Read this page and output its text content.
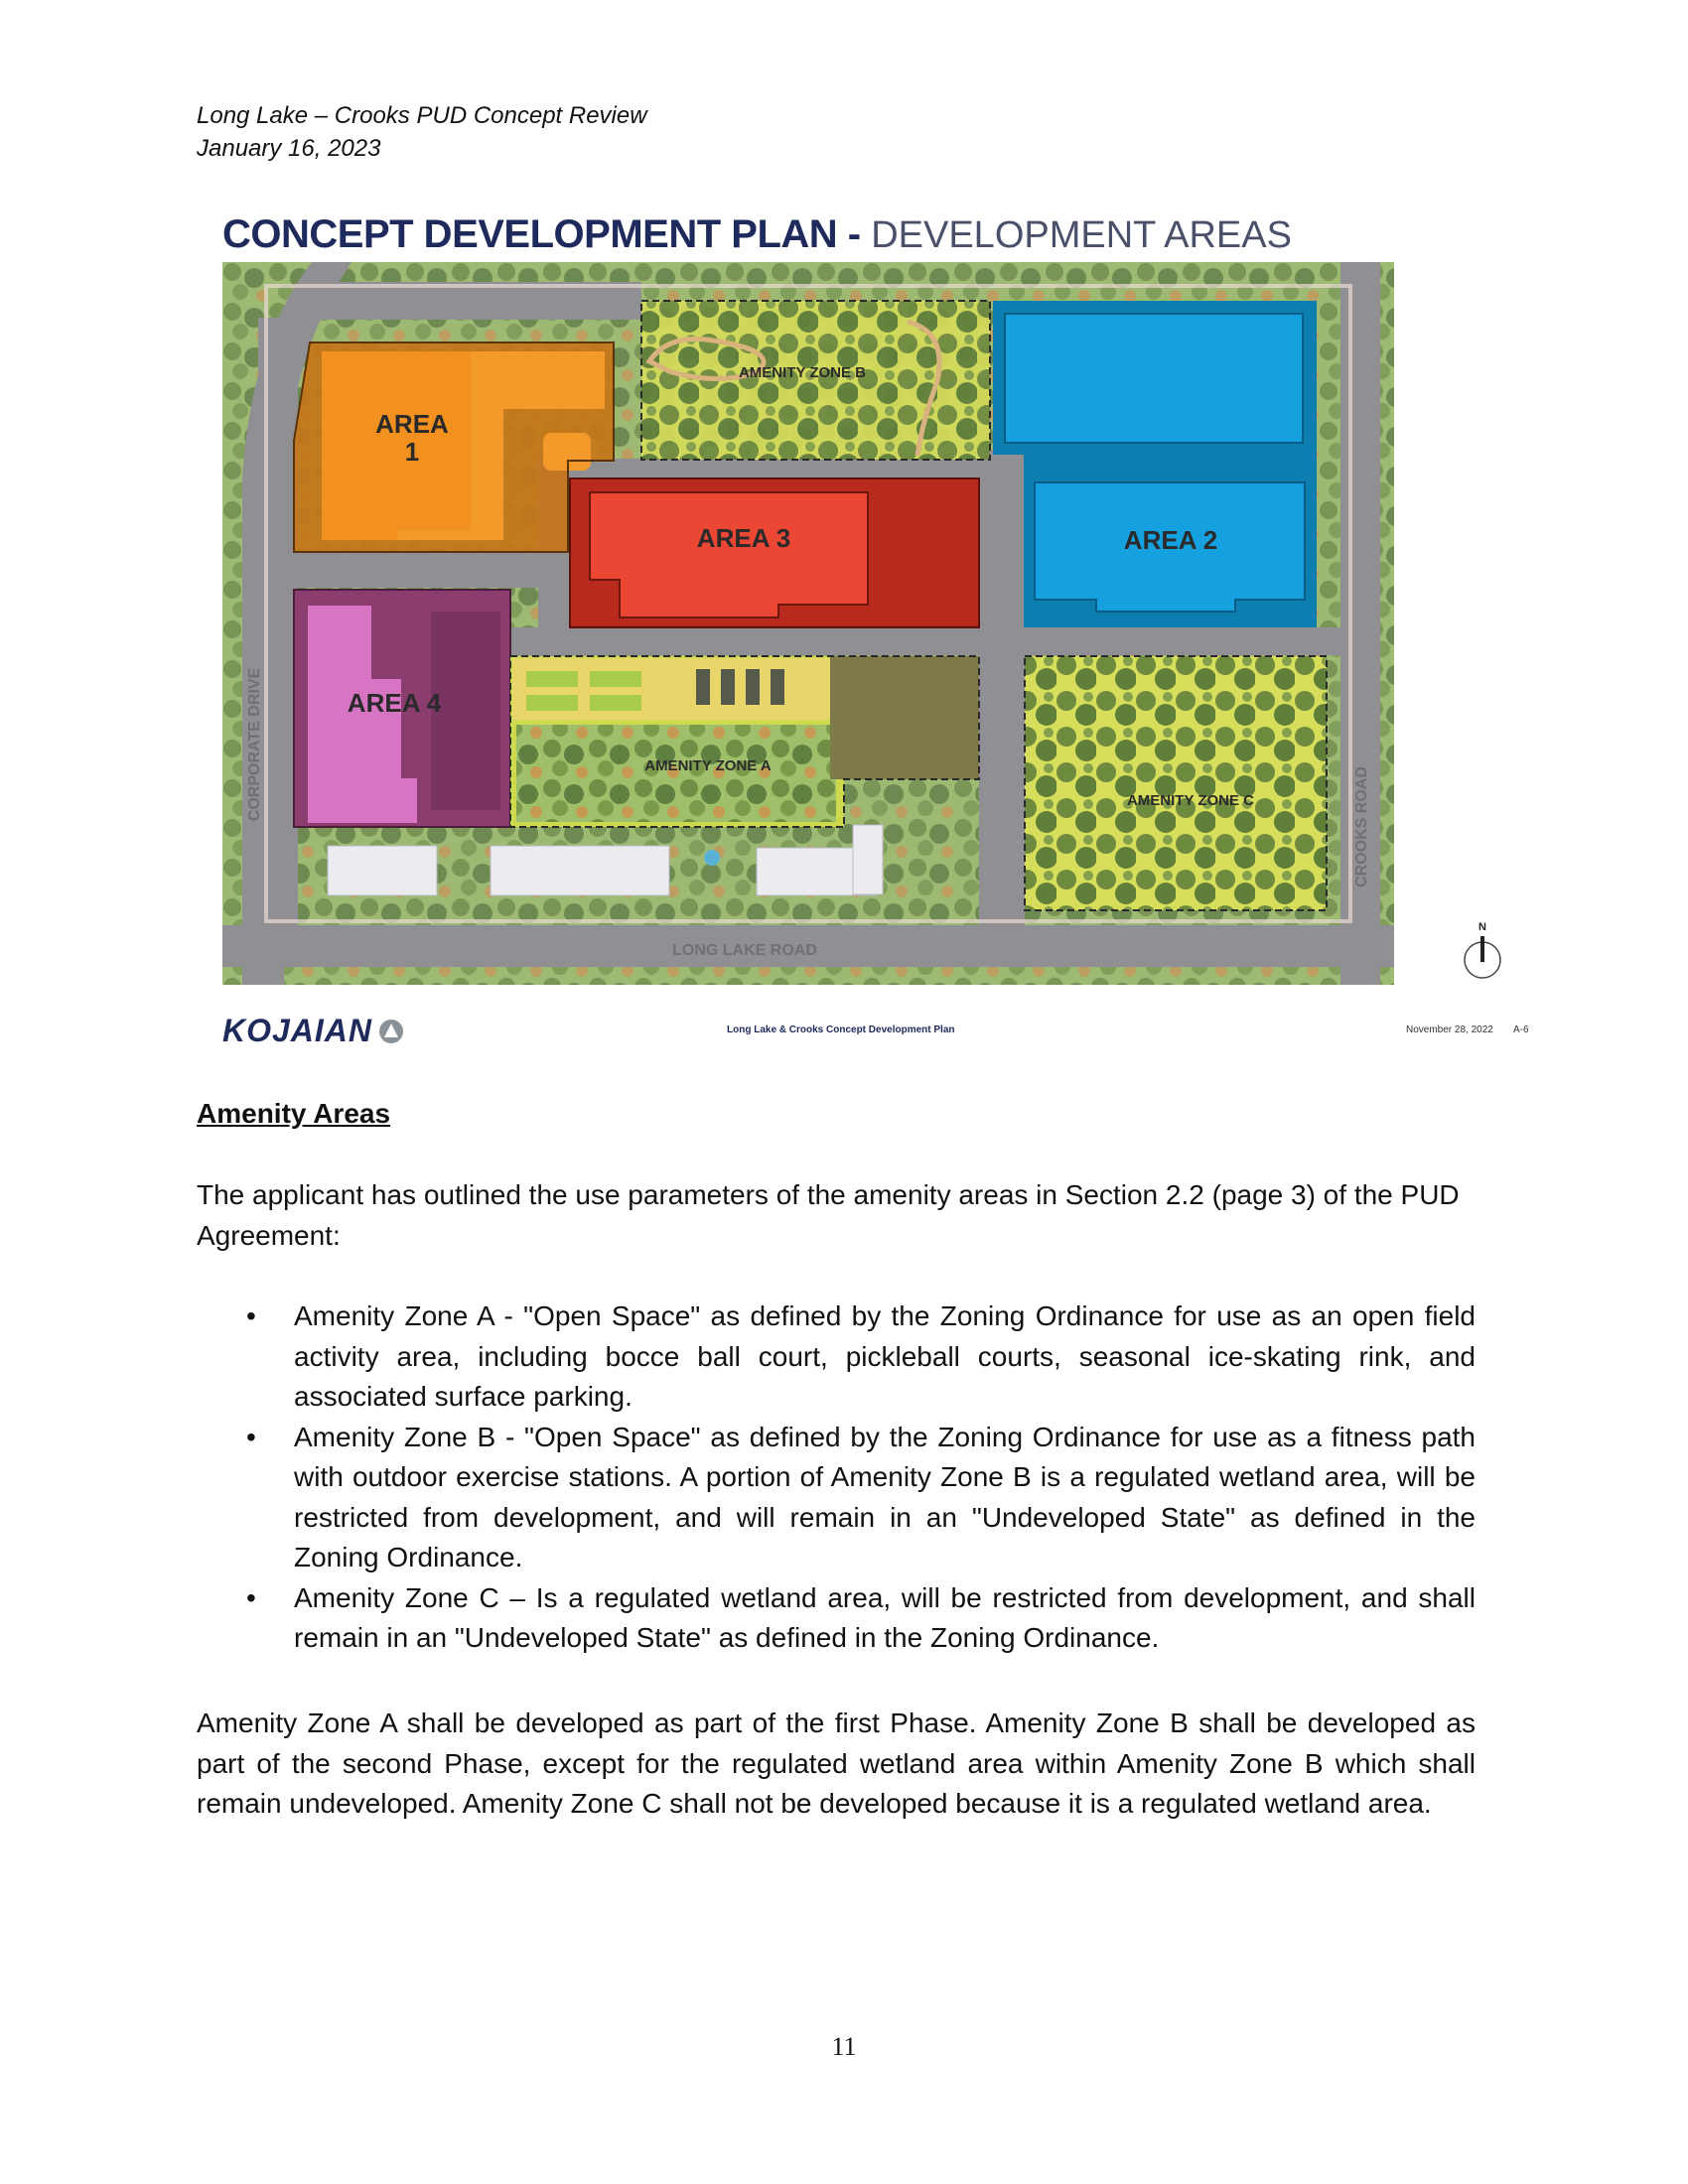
Long Lake – Crooks PUD Concept Review
January 16, 2023
CONCEPT DEVELOPMENT PLAN - DEVELOPMENT AREAS
AREA
1
AMENITY ZONE B
AREA 3	AREA 2
AREA 4
AMENITY ZONE A
AMENITY ZONE C
LONG LAKE ROAD
CORPORATE DRIVE
CROOKS ROAD
N
KOJAIAN	Long Lake & Crooks Concept Development Plan	November 28, 2022 A-6
Amenity Areas

The applicant has outlined the use parameters of the amenity areas in Section 2.2 (page 3) of the PUD Agreement:

• Amenity Zone A - "Open Space" as defined by the Zoning Ordinance for use as an open field activity area, including bocce ball court, pickleball courts, seasonal ice-skating rink, and associated surface parking.
• Amenity Zone B - "Open Space" as defined by the Zoning Ordinance for use as a fitness path with outdoor exercise stations. A portion of Amenity Zone B is a regulated wetland area, will be restricted from development, and will remain in an "Undeveloped State" as defined in the Zoning Ordinance.
• Amenity Zone C – Is a regulated wetland area, will be restricted from development, and shall remain in an "Undeveloped State" as defined in the Zoning Ordinance.

Amenity Zone A shall be developed as part of the first Phase. Amenity Zone B shall be developed as part of the second Phase, except for the regulated wetland area within Amenity Zone B which shall remain undeveloped. Amenity Zone C shall not be developed because it is a regulated wetland area.

11
